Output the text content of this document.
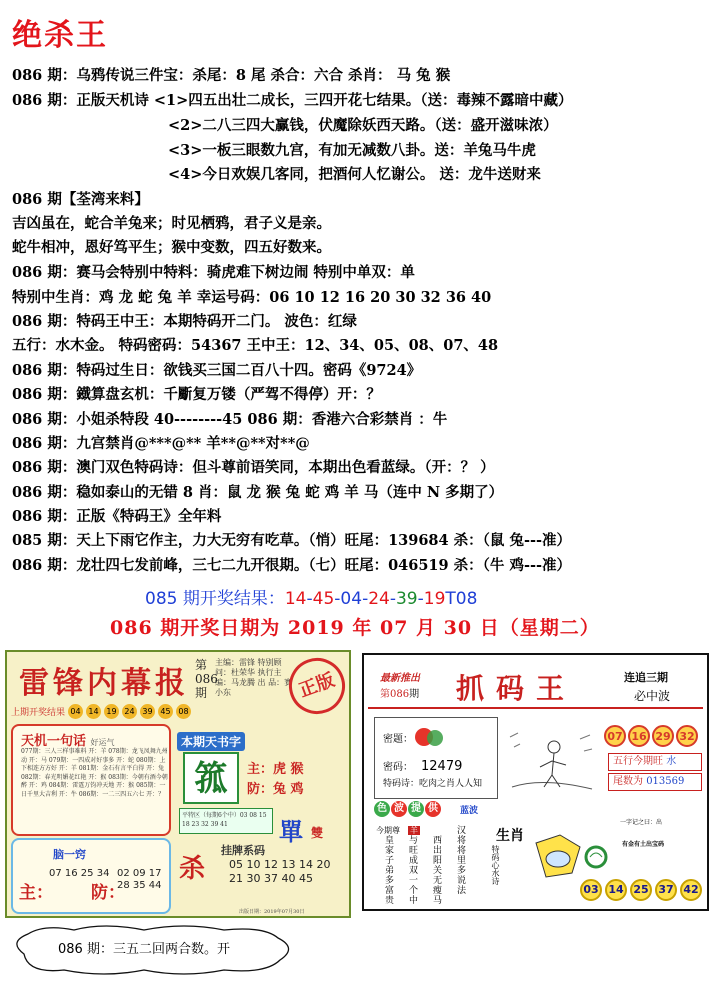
绝杀王
086 期：乌鸦传说三件宝：杀尾：8 尾 杀合：六合 杀肖： 马 兔 猴
086 期：正版天机诗 <1>四五出壮二成长，三四开花七结果。（送：毒辣不露暗中藏）
<2>二八三四大赢钱，伏魔除妖西天路。（送：盛开滋味浓）
<3>一板三眼数九宫，有加无减数八卦。送：羊兔马牛虎
<4>今日欢娱几客同，把酒何人忆谢公。 送：龙牛送财来
086 期【荃湾来料】
吉凶虽在，蛇合羊兔来；时见栖鸦，君子义是亲。
蛇牛相冲，恩好笃平生；猴中变数，四五好数来。
086 期：赛马会特别中特料：骑虎难下树边闹 特别中单双：单
特别中生肖：鸡 龙 蛇 兔 羊 幸运号码：06 10 12 16 20 30 32 36 40
086 期：特码王中王：本期特码开二门。 波色：红绿
五行：水木金。 特码密码：54367 王中王：12、34、05、08、07、48
086 期：特码过生日：欲钱买三国二百八十四。密码《9724》
086 期：鐡算盘玄机：千斸复万镂（严驾不得停）开：？
086 期：小姐杀特段 40--------45 086 期：香港六合彩禁肖 ：牛
086 期：九宫禁肖@***@** 羊**@**对**@
086 期：澳门双色特码诗：但斗尊前语笑同，本期出色看蓝绿。（开：？ ）
086 期：稳如泰山的无错 8 肖：鼠 龙 猴 兔 蛇 鸡 羊 马（连中 N 多期了）
086 期：正版《特码王》全年料
085 期：天上下雨它作主，力大无穷有吃草。（悄）旺尾：139684 杀：（鼠 兔---准）
086 期：龙壮四七发前峰，三七二九开很期。（七）旺尾：046519 杀：（牛 鸡---准）
085 期开奖结果：14-45-04-24-39-19T08
086 期开奖日期为 2019 年 07 月 30 日（星期二）
雷锋内幕报
第086期
主编：雷锋 特别顾问：杜荣华 执行主编：马龙腾 出 品：赛小东	正版
上期开奖结果 04 14 19 24 39 45 08
天机一句话 好运气
077期：三人三样事难料 开：羊 078期：龙飞凤舞九州动 开：马 079期：一四成对好事多 开：蛇 080期：上下相连方方好 开：羊 081期：金石有言平白得 开：兔 082期：春光明媚花红艳 开：猴 083期：今朝有酒今朝醉 开：鸡 084期：雷霆万钧冲天地 开：猴 085期：一日千里大吉利 开：牛 086期：一二三四五六七 开：？
脑一窍
主：
07 16 25 34
防：
02 09 17 28 35 44
本期天书字
箛	主：虎 猴
防：兔 鸡
平特区（每期6个中）03 08 15 18 23 32 39 41	單 雙
杀
挂牌系码
05 10 12 13 14 20 21 30 37 40 45
出版日期：2019年07月30日
最新推出
第086期 抓码王	连追三期
必中波
密题：
密码： 12479
特码诗：吃肉之肖人人知
07 16 29 32
五行今期旺 水
尾数为 013569
色 波 提 供	蓝波
今期尊 羊
皇家子弟多富贵 与旺成双一个中 西出阳关无瘦马 汉将将里多说法 生肖
特码心水诗
一字记之曰：出
有金有土出宝码
03 14 25 37 42
086 期：三五二回两合数。开
